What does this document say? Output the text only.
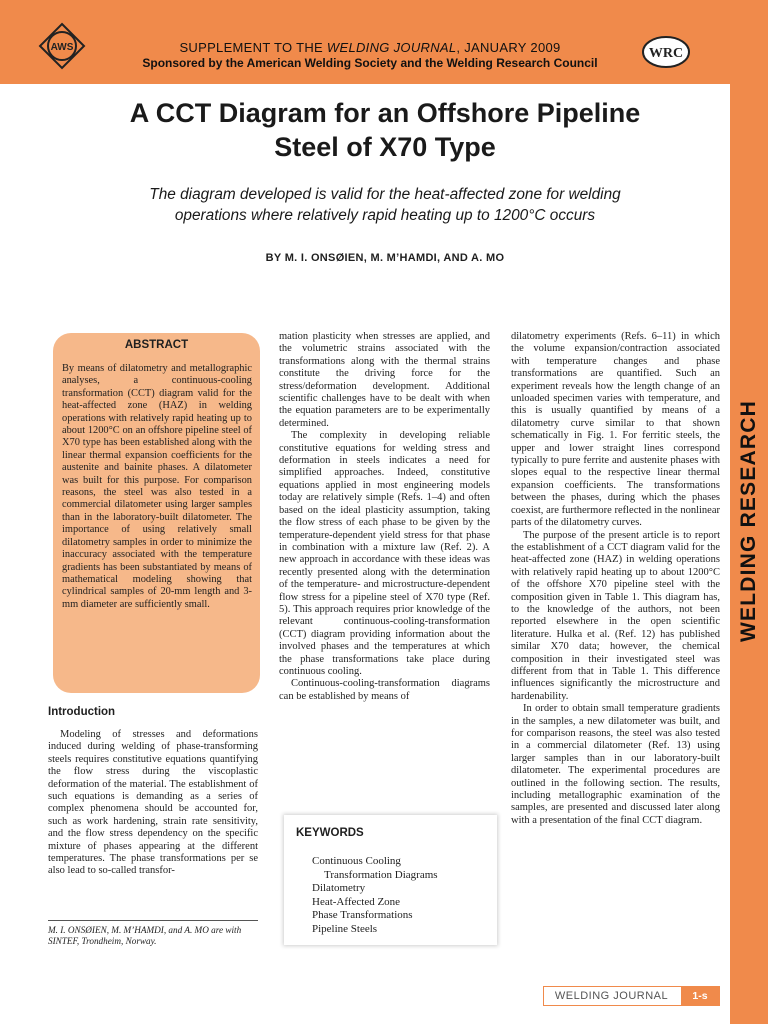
AWS	SUPPLEMENT TO THE WELDING JOURNAL, JANUARY 2009
Sponsored by the American Welding Society and the Welding Research Council
WRC
WELDING RESEARCH
A CCT Diagram for an Offshore Pipeline
Steel of X70 Type
The diagram developed is valid for the heat-affected zone for welding
operations where relatively rapid heating up to 1200°C occurs
BY M. I. ONSØIEN, M. M’HAMDI, AND A. MO
ABSTRACT
By means of dilatometry and metallographic analyses, a continuous-cooling transformation (CCT) diagram valid for the heat-affected zone (HAZ) in welding operations with relatively rapid heating up to about 1200°C on an offshore pipeline steel of X70 type has been established along with the linear thermal expansion coefficients for the austenite and bainite phases. A dilatometer was built for this purpose. For comparison reasons, the steel was also tested in a commercial dilatometer using larger samples than in the laboratory-built dilatometer. The importance of using relatively small dilatometry samples in order to minimize the inaccuracy associated with the temperature gradients has been substantiated by means of mathematical modeling showing that cylindrical samples of 20-mm length and 3-mm diameter are sufficiently small.
Introduction

Modeling of stresses and deformations induced during welding of phase-transforming steels requires constitutive equations quantifying the flow stress during the viscoplastic deformation of the material. The establishment of such equations is demanding as a series of complex phenomena should be accounted for, such as work hardening, strain rate sensitivity, and the flow stress dependency on the specific mixture of phases appearing at the different temperatures. The phase transformations per se also lead to so-called transfor-

M. I. ONSØIEN, M. M’HAMDI, and A. MO are with SINTEF, Trondheim, Norway.

mation plasticity when stresses are applied, and the volumetric strains associated with the transformations along with the thermal strains constitute the driving force for the stress/deformation development. Additional scientific challenges have to be dealt with when the equation parameters are to be experimentally determined.

The complexity in developing reliable constitutive equations for welding stress and deformation in steels indicates a need for simplified approaches. Indeed, constitutive equations applied in most engineering models today are relatively simple (Refs. 1–4) and often based on the ideal plasticity assumption, taking the flow stress of each phase to be given by the temperature-dependent yield stress for that phase in combination with a mixture law (Ref. 2). A new approach in accordance with these ideas was recently presented along with the determination of the temperature- and microstructure-dependent flow stress for a pipeline steel of X70 type (Ref. 5). This approach requires prior knowledge of the relevant continuous-cooling-transformation (CCT) diagram providing information about the involved phases and the temperatures at which the phase transformations take place during continuous cooling.

Continuous-cooling-transformation diagrams can be established by means of

KEYWORDS
Continuous Cooling
Transformation Diagrams
Dilatometry
Heat-Affected Zone
Phase Transformations
Pipeline Steels

dilatometry experiments (Refs. 6–11) in which the volume expansion/contraction associated with temperature changes and phase transformations are quantified. Such an experiment reveals how the length change of an unloaded specimen varies with temperature, and this is usually quantified by means of a dilatometry curve similar to that shown schematically in Fig. 1. For ferritic steels, the upper and lower straight lines correspond typically to pure ferrite and austenite phases with slopes equal to the respective linear thermal expansion coefficients. The transformations between the phases, during which the phases coexist, are furthermore reflected in the nonlinear parts of the dilatometry curves.

The purpose of the present article is to report the establishment of a CCT diagram valid for the heat-affected zone (HAZ) in welding operations with relatively rapid heating up to about 1200°C of the offshore X70 pipeline steel with the composition given in Table 1. This diagram has, to the knowledge of the authors, not been reported elsewhere in the open scientific literature. Hulka et al. (Ref. 12) has published similar X70 data; however, the chemical composition in their investigated steel was different from that in Table 1. This difference influences significantly the microstructure and hardenability.

In order to obtain small temperature gradients in the samples, a new dilatometer was built, and for comparison reasons, the steel was also tested in a commercial dilatometer (Ref. 13) using larger samples than in our laboratory-built dilatometer. The experimental procedures are outlined in the following section. The results, including metallographic examination of the samples, are presented and discussed later along with a presentation of the final CCT diagram.

WELDING JOURNAL	1-s
